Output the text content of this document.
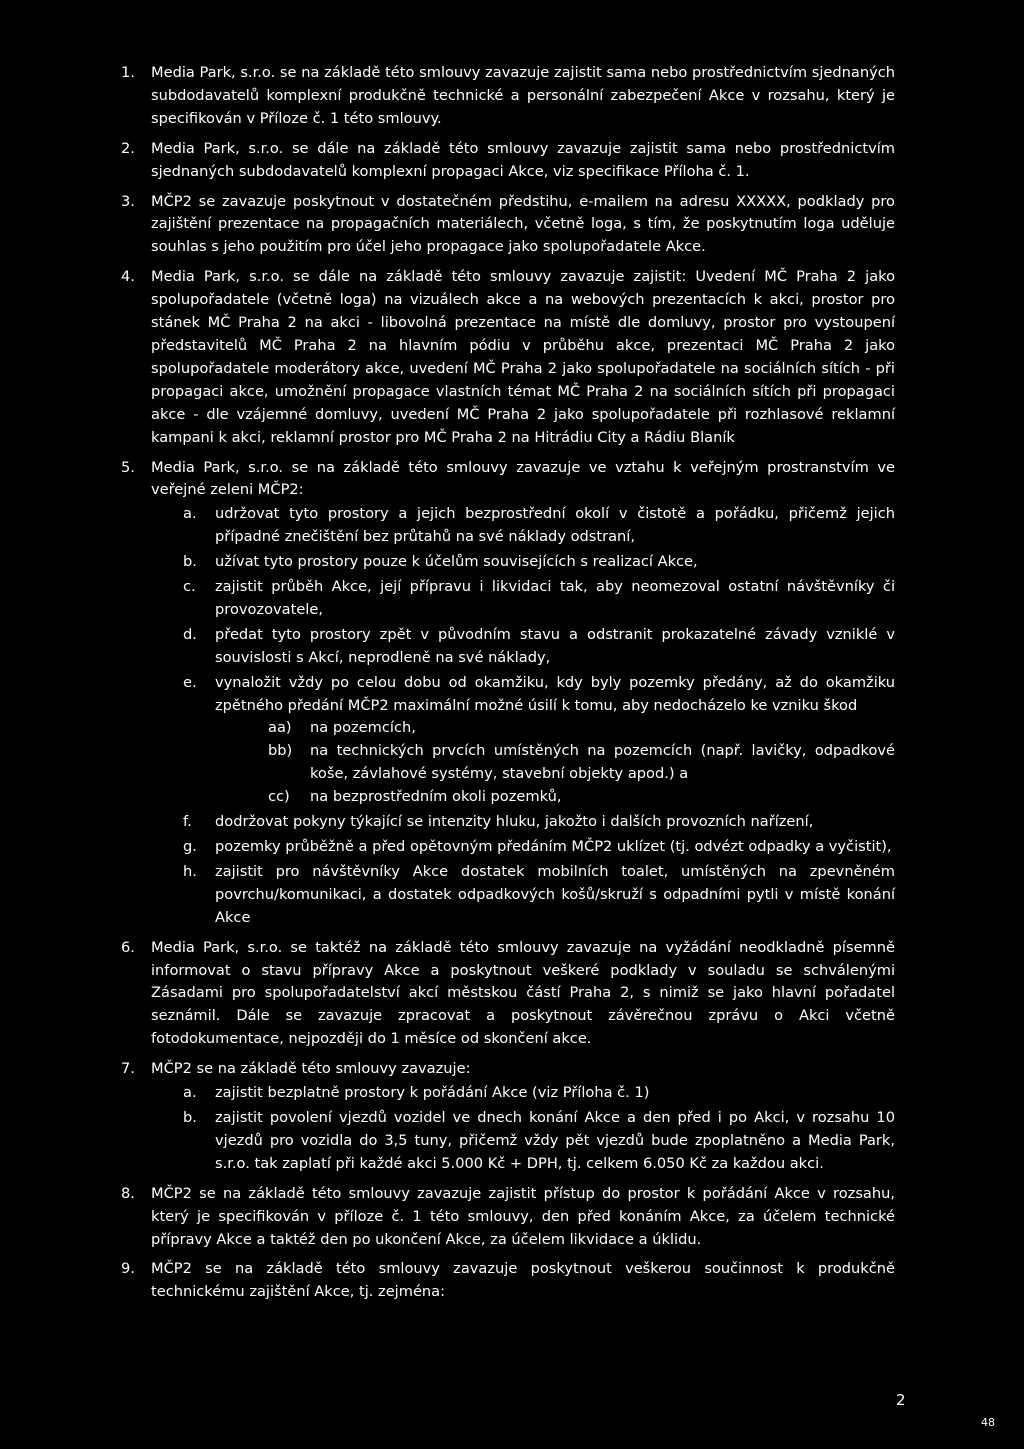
1.	Media Park, s.r.o. se na základě této smlouvy zavazuje zajistit sama nebo prostřednictvím sjednaných subdodavatelů komplexní produkčně technické a personální zabezpečení Akce v rozsahu, který je specifikován v Příloze č. 1 této smlouvy.

2.	Media Park, s.r.o. se dále na základě této smlouvy zavazuje zajistit sama nebo prostřednictvím sjednaných subdodavatelů komplexní propagaci Akce, viz specifikace Příloha č. 1.

3.	MČP2 se zavazuje poskytnout v dostatečném předstihu, e-mailem na adresu XXXXX, podklady pro zajištění prezentace na propagačních materiálech, včetně loga, s tím, že poskytnutím loga uděluje souhlas s jeho použitím pro účel jeho propagace jako spolupořadatele Akce.

4.	Media Park, s.r.o. se dále na základě této smlouvy zavazuje zajistit: Uvedení MČ Praha 2 jako spolupořadatele (včetně loga) na vizuálech akce a na webových prezentacích k akci, prostor pro stánek MČ Praha 2 na akci - libovolná prezentace na místě dle domluvy, prostor pro vystoupení představitelů MČ Praha 2 na hlavním pódiu v průběhu akce, prezentaci MČ Praha 2 jako spolupořadatele moderátory akce, uvedení MČ Praha 2 jako spolupořadatele na sociálních sítích - při propagaci akce, umožnění propagace vlastních témat MČ Praha 2 na sociálních sítích při propagaci akce - dle vzájemné domluvy, uvedení MČ Praha 2 jako spolupořadatele při rozhlasové reklamní kampani k akci, reklamní prostor pro MČ Praha 2 na Hitrádiu City a Rádiu Blaník

5.	Media Park, s.r.o. se na základě této smlouvy zavazuje ve vztahu k veřejným prostranstvím ve veřejné zeleni MČP2:

a.	udržovat tyto prostory a jejich bezprostřední okolí v čistotě a pořádku, přičemž jejich případné znečištění bez průtahů na své náklady odstraní,

b.	užívat tyto prostory pouze k účelům souvisejících s realizací Akce,

c.	zajistit průběh Akce, její přípravu i likvidaci tak, aby neomezoval ostatní návštěvníky či provozovatele,

d.	předat tyto prostory zpět v původním stavu a odstranit prokazatelné závady vzniklé v souvislosti s Akcí, neprodleně na své náklady,

e.	vynaložit vždy po celou dobu od okamžiku, kdy byly pozemky předány, až do okamžiku zpětného předání MČP2 maximální možné úsilí k tomu, aby nedocházelo ke vzniku škod

aa)	na pozemcích,

bb)	na technických prvcích umístěných na pozemcích (např. lavičky, odpadkové koše, závlahové systémy, stavební objekty apod.) a

cc)	na bezprostředním okoli pozemků,

f.	dodržovat pokyny týkající se intenzity hluku, jakožto i dalších provozních nařízení,

g.	pozemky průběžně a před opětovným předáním MČP2 uklízet (tj. odvézt odpadky a vyčistit),

h.	zajistit pro návštěvníky Akce dostatek mobilních toalet, umístěných na zpevněném povrchu/komunikaci, a dostatek odpadkových košů/skruží s odpadními pytli v místě konání Akce

6.	Media Park, s.r.o. se taktéž na základě této smlouvy zavazuje na vyžádání neodkladně písemně informovat o stavu přípravy Akce a poskytnout veškeré podklady v souladu se schválenými Zásadami pro spolupořadatelství akcí městskou částí Praha 2, s nimiž se jako hlavní pořadatel seznámil. Dále se zavazuje zpracovat a poskytnout závěrečnou zprávu o Akci včetně fotodokumentace, nejpozději do 1 měsíce od skončení akce.

7.	MČP2 se na základě této smlouvy zavazuje:

a.	zajistit bezplatně prostory k pořádání Akce (viz Příloha č. 1)

b.	zajistit povolení vjezdů vozidel ve dnech konání Akce a den před i po Akci, v rozsahu 10 vjezdů pro vozidla do 3,5 tuny, přičemž vždy pět vjezdů bude zpoplatněno a Media Park, s.r.o. tak zaplatí při každé akci 5.000 Kč + DPH, tj. celkem 6.050 Kč za každou akci.

8.	MČP2 se na základě této smlouvy zavazuje zajistit přístup do prostor k pořádání Akce v rozsahu, který je specifikován v příloze č. 1 této smlouvy, den před konáním Akce, za účelem technické přípravy Akce a taktéž den po ukončení Akce, za účelem likvidace a úklidu.

9.	MČP2 se na základě této smlouvy zavazuje poskytnout veškerou součinnost k produkčně technickému zajištění Akce, tj. zejména:

2
48
